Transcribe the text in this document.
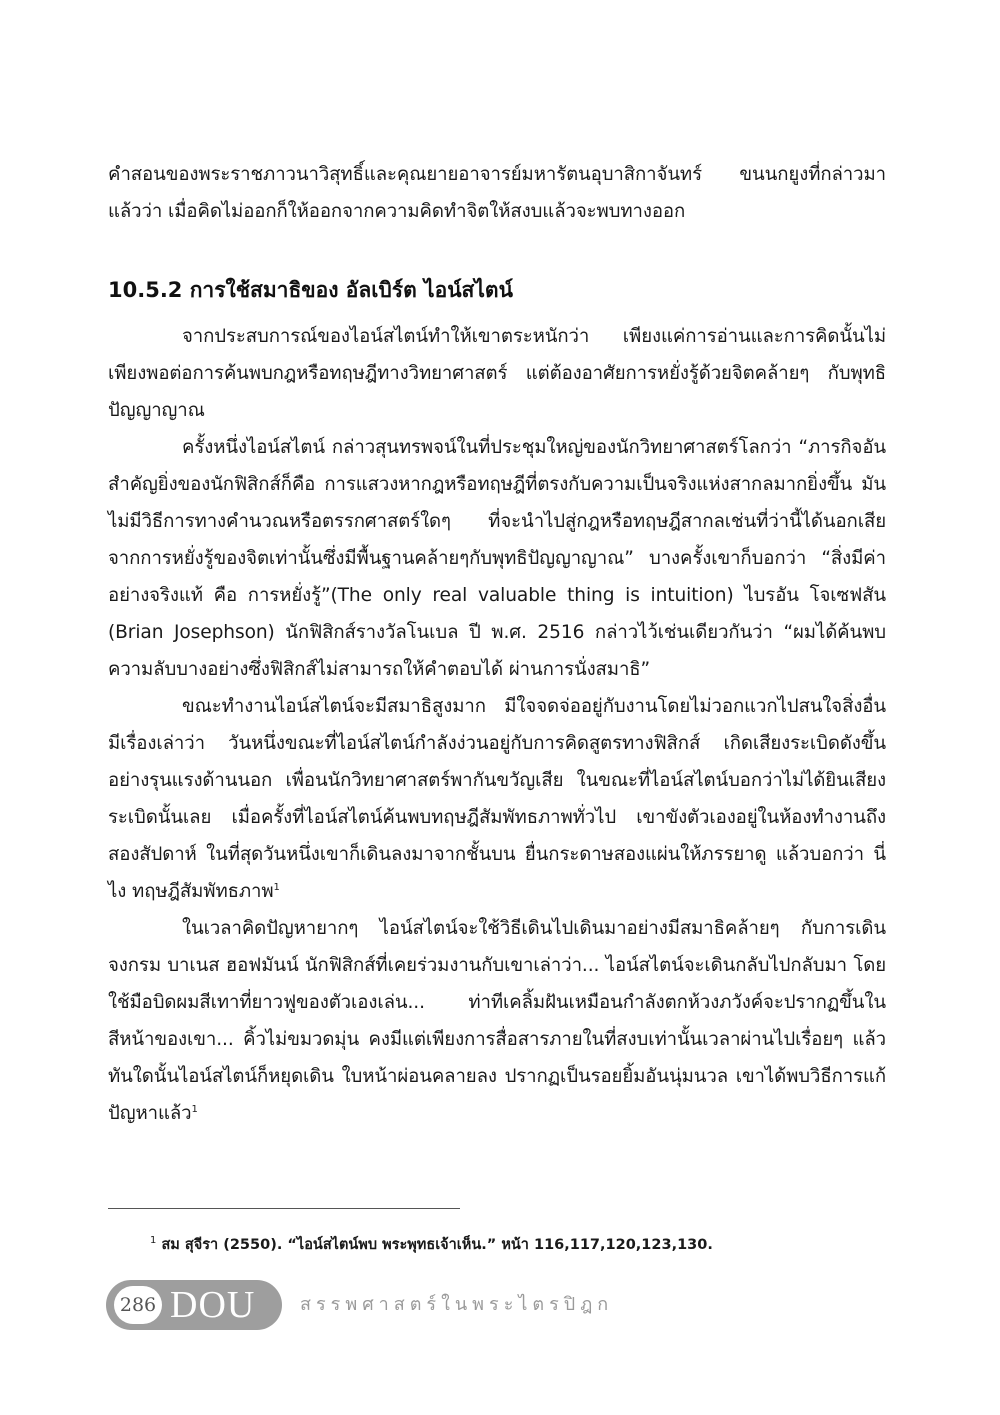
คำสอนของพระราชภาวนาวิสุทธิ์และคุณยายอาจารย์มหารัตนอุบาสิกาจันทร์ ขนนกยูงที่กล่าวมาแล้วว่า เมื่อคิดไม่ออกก็ให้ออกจากความคิดทำจิตให้สงบแล้วจะพบทางออก

10.5.2 การใช้สมาธิของ อัลเบิร์ต ไอน์สไตน์

จากประสบการณ์ของไอน์สไตน์ทำให้เขาตระหนักว่า เพียงแค่การอ่านและการคิดนั้นไม่เพียงพอต่อการค้นพบกฎหรือทฤษฎีทางวิทยาศาสตร์ แต่ต้องอาศัยการหยั่งรู้ด้วยจิตคล้ายๆ กับพุทธิปัญญาญาณ

ครั้งหนึ่งไอน์สไตน์ กล่าวสุนทรพจน์ในที่ประชุมใหญ่ของนักวิทยาศาสตร์โลกว่า “ภารกิจอันสำคัญยิ่งของนักฟิสิกส์ก็คือ การแสวงหากฎหรือทฤษฎีที่ตรงกับความเป็นจริงแห่งสากลมากยิ่งขึ้น มันไม่มีวิธีการทางคำนวณหรือตรรกศาสตร์ใดๆ ที่จะนำไปสู่กฎหรือทฤษฎีสากลเช่นที่ว่านี้ได้นอกเสียจากการหยั่งรู้ของจิตเท่านั้นซึ่งมีพื้นฐานคล้ายๆกับพุทธิปัญญาญาณ” บางครั้งเขาก็บอกว่า “สิ่งมีค่าอย่างจริงแท้ คือ การหยั่งรู้”(The only real valuable thing is intuition) ไบรอัน โจเซฟสัน (Brian Josephson) นักฟิสิกส์รางวัลโนเบล ปี พ.ศ. 2516 กล่าวไว้เช่นเดียวกันว่า “ผมได้ค้นพบความลับบางอย่างซึ่งฟิสิกส์ไม่สามารถให้คำตอบได้ ผ่านการนั่งสมาธิ”

ขณะทำงานไอน์สไตน์จะมีสมาธิสูงมาก มีใจจดจ่ออยู่กับงานโดยไม่วอกแวกไปสนใจสิ่งอื่น มีเรื่องเล่าว่า วันหนึ่งขณะที่ไอน์สไตน์กำลังง่วนอยู่กับการคิดสูตรทางฟิสิกส์ เกิดเสียงระเบิดดังขึ้นอย่างรุนแรงด้านนอก เพื่อนนักวิทยาศาสตร์พากันขวัญเสีย ในขณะที่ไอน์สไตน์บอกว่าไม่ได้ยินเสียงระเบิดนั้นเลย เมื่อครั้งที่ไอน์สไตน์ค้นพบทฤษฎีสัมพัทธภาพทั่วไป เขาขังตัวเองอยู่ในห้องทำงานถึงสองสัปดาห์ ในที่สุดวันหนึ่งเขาก็เดินลงมาจากชั้นบน ยื่นกระดาษสองแผ่นให้ภรรยาดู แล้วบอกว่า นี่ไง ทฤษฎีสัมพัทธภาพ$^1$

ในเวลาคิดปัญหายากๆ ไอน์สไตน์จะใช้วิธีเดินไปเดินมาอย่างมีสมาธิคล้ายๆ กับการเดินจงกรม บาเนส ฮอฟมันน์ นักฟิสิกส์ที่เคยร่วมงานกับเขาเล่าว่า... ไอน์สไตน์จะเดินกลับไปกลับมา โดยใช้มือบิดผมสีเทาที่ยาวฟูของตัวเองเล่น... ท่าทีเคลิ้มฝันเหมือนกำลังตกห้วงภวังค์จะปรากฏขึ้นในสีหน้าของเขา... คิ้วไม่ขมวดมุ่น คงมีแต่เพียงการสื่อสารภายในที่สงบเท่านั้นเวลาผ่านไปเรื่อยๆ แล้วทันใดนั้นไอน์สไตน์ก็หยุดเดิน ใบหน้าผ่อนคลายลง ปรากฏเป็นรอยยิ้มอันนุ่มนวล เขาได้พบวิธีการแก้ปัญหาแล้ว$^1$

$^1$ สม สุจีรา (2550). “ไอน์สไตน์พบ พระพุทธเจ้าเห็น.” หน้า 116,117,120,123,130.
286 DOU สรรพศาสตร์ในพระไตรปิฎก
